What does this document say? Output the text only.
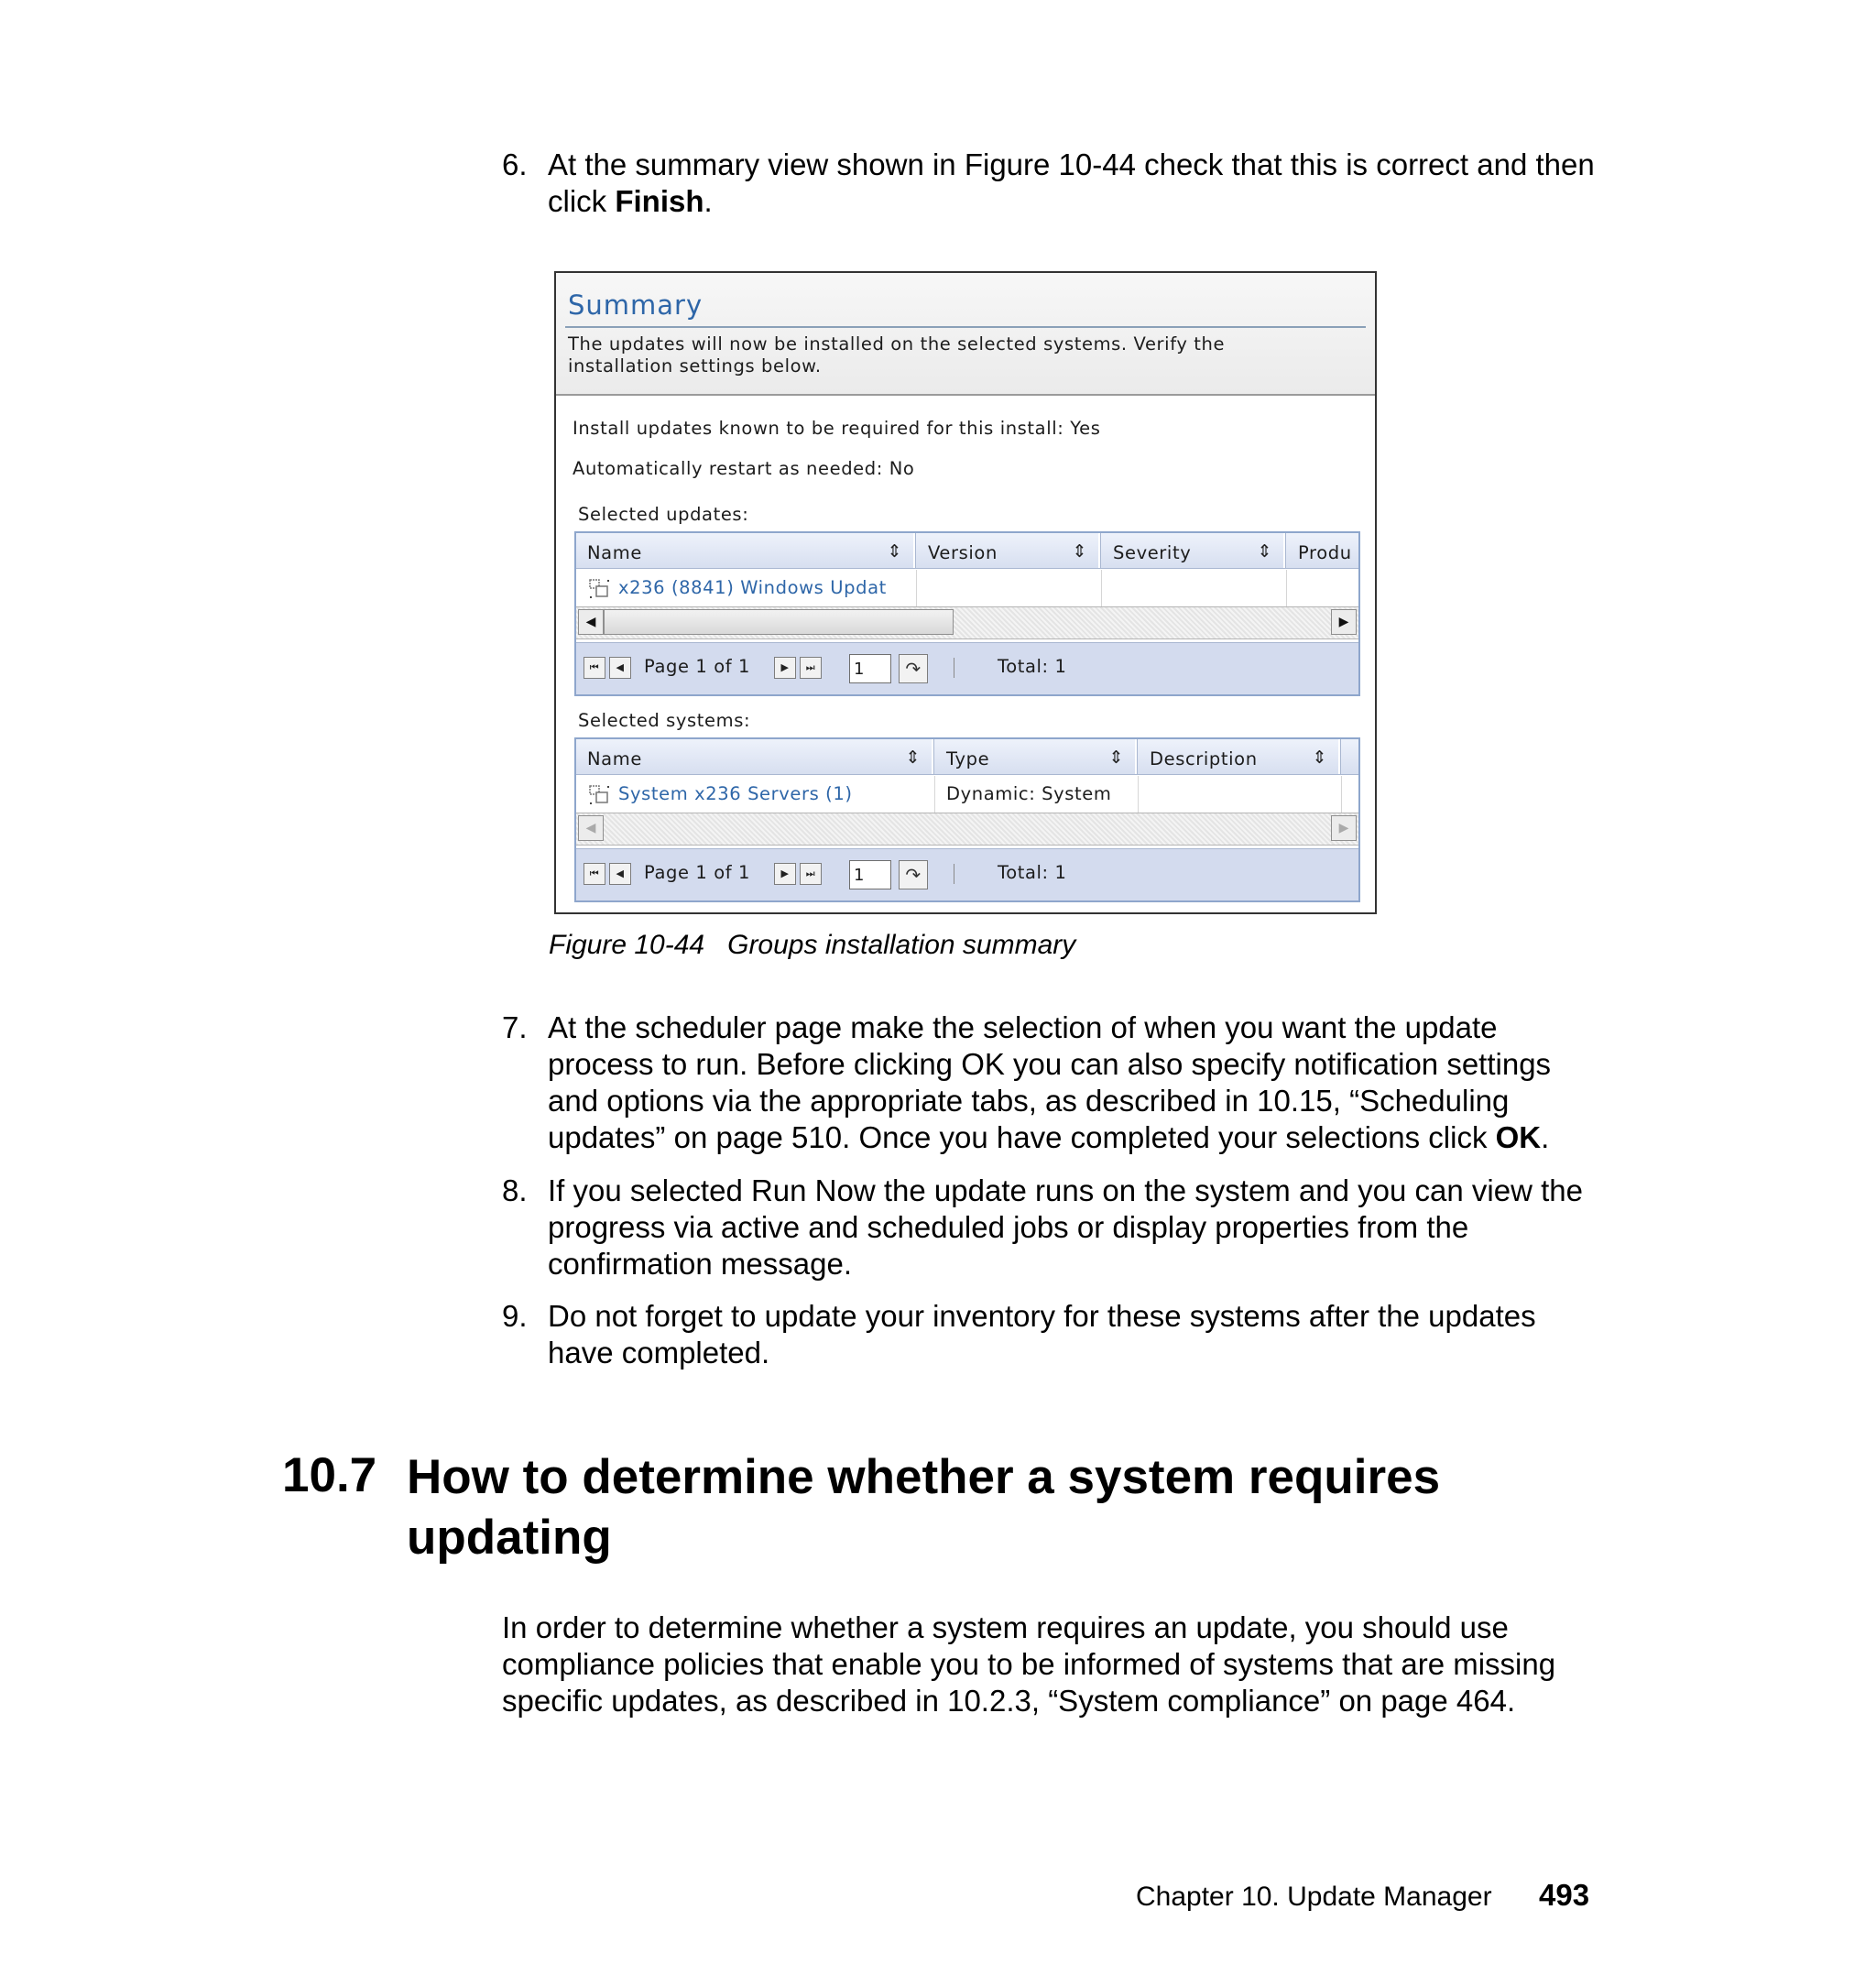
6. At the summary view shown in Figure 10-44 check that this is correct and then click Finish.
Summary
The updates will now be installed on the selected systems. Verify the
installation settings below.
Install updates known to be required for this install: Yes
Automatically restart as needed: No
Selected updates:
Name	⇕	Version	⇕	Severity	⇕	Produ
x236 (8841) Windows Updat
◀	▶
⏮	◀	Page 1 of 1	▶	⏭	1	↷	Total: 1
Selected systems:
Name	⇕	Type	⇕	Description	⇕
System x236 Servers (1)	Dynamic: System
◀	▶
⏮	◀	Page 1 of 1	▶	⏭	1	↷	Total: 1
Figure 10-44   Groups installation summary
7. At the scheduler page make the selection of when you want the update process to run. Before clicking OK you can also specify notification settings and options via the appropriate tabs, as described in 10.15, “Scheduling updates” on page 510. Once you have completed your selections click OK.
8. If you selected Run Now the update runs on the system and you can view the progress via active and scheduled jobs or display properties from the confirmation message.
9. Do not forget to update your inventory for these systems after the updates have completed.
10.7 How to determine whether a system requires updating
In order to determine whether a system requires an update, you should use compliance policies that enable you to be informed of systems that are missing specific updates, as described in 10.2.3, “System compliance” on page 464.
Chapter 10. Update Manager 493
